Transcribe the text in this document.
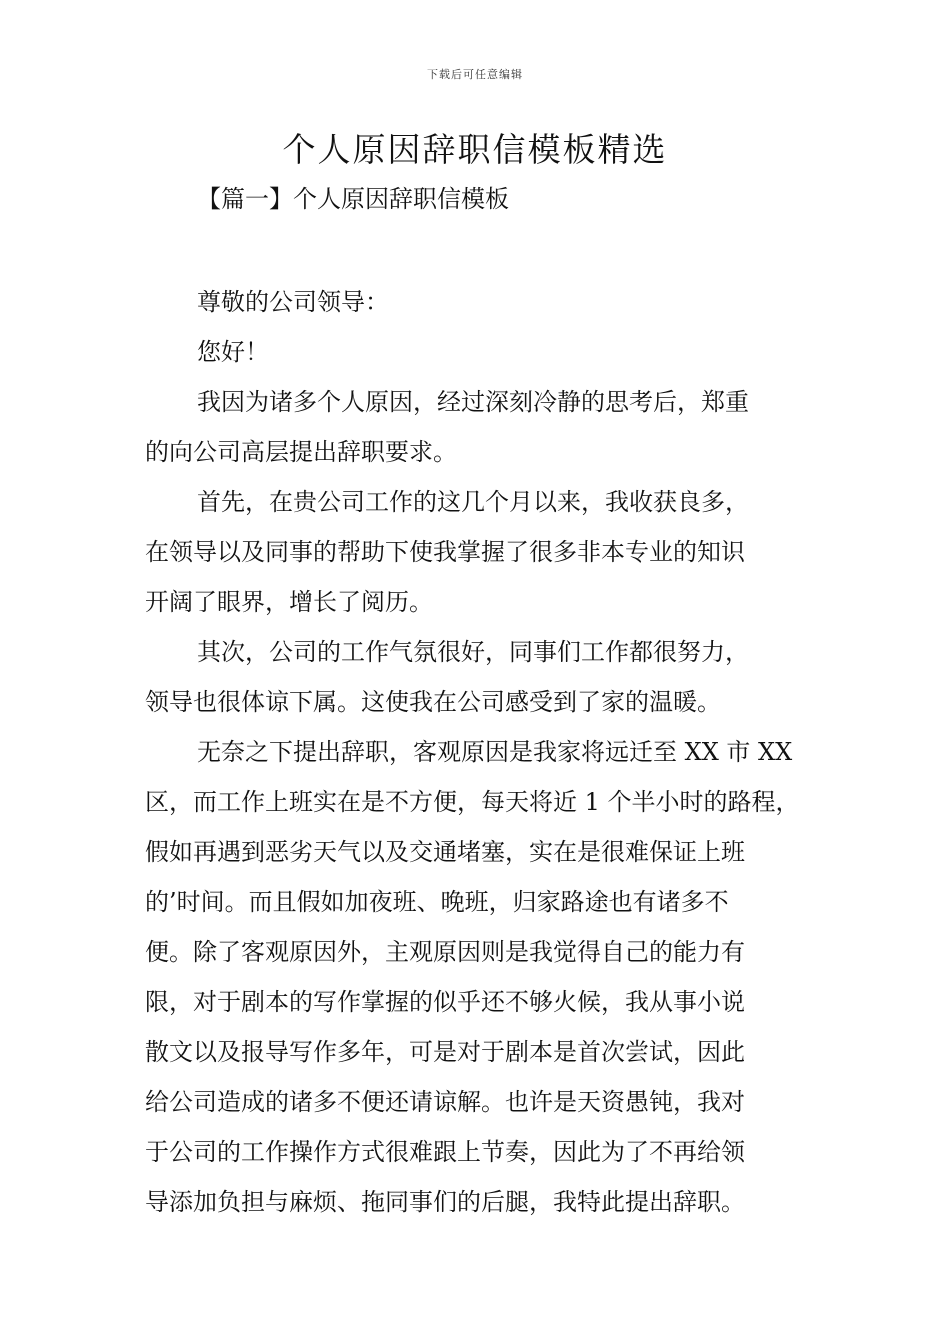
下载后可任意编辑
个人原因辞职信模板精选
【篇一】个人原因辞职信模板
尊敬的公司领导：
您好！
我因为诸多个人原因，经过深刻冷静的思考后，郑重
的向公司高层提出辞职要求。
首先，在贵公司工作的这几个月以来，我收获良多，
在领导以及同事的帮助下使我掌握了很多非本专业的知识
开阔了眼界，增长了阅历。
其次，公司的工作气氛很好，同事们工作都很努力，
领导也很体谅下属。这使我在公司感受到了家的温暖。
无奈之下提出辞职，客观原因是我家将远迁至 XX 市 XX
区，而工作上班实在是不方便，每天将近 1 个半小时的路程，
假如再遇到恶劣天气以及交通堵塞，实在是很难保证上班
的’时间。而且假如加夜班、晚班，归家路途也有诸多不
便。除了客观原因外，主观原因则是我觉得自己的能力有
限，对于剧本的写作掌握的似乎还不够火候，我从事小说
散文以及报导写作多年，可是对于剧本是首次尝试，因此
给公司造成的诸多不便还请谅解。也许是天资愚钝，我对
于公司的工作操作方式很难跟上节奏，因此为了不再给领
导添加负担与麻烦、拖同事们的后腿，我特此提出辞职。
